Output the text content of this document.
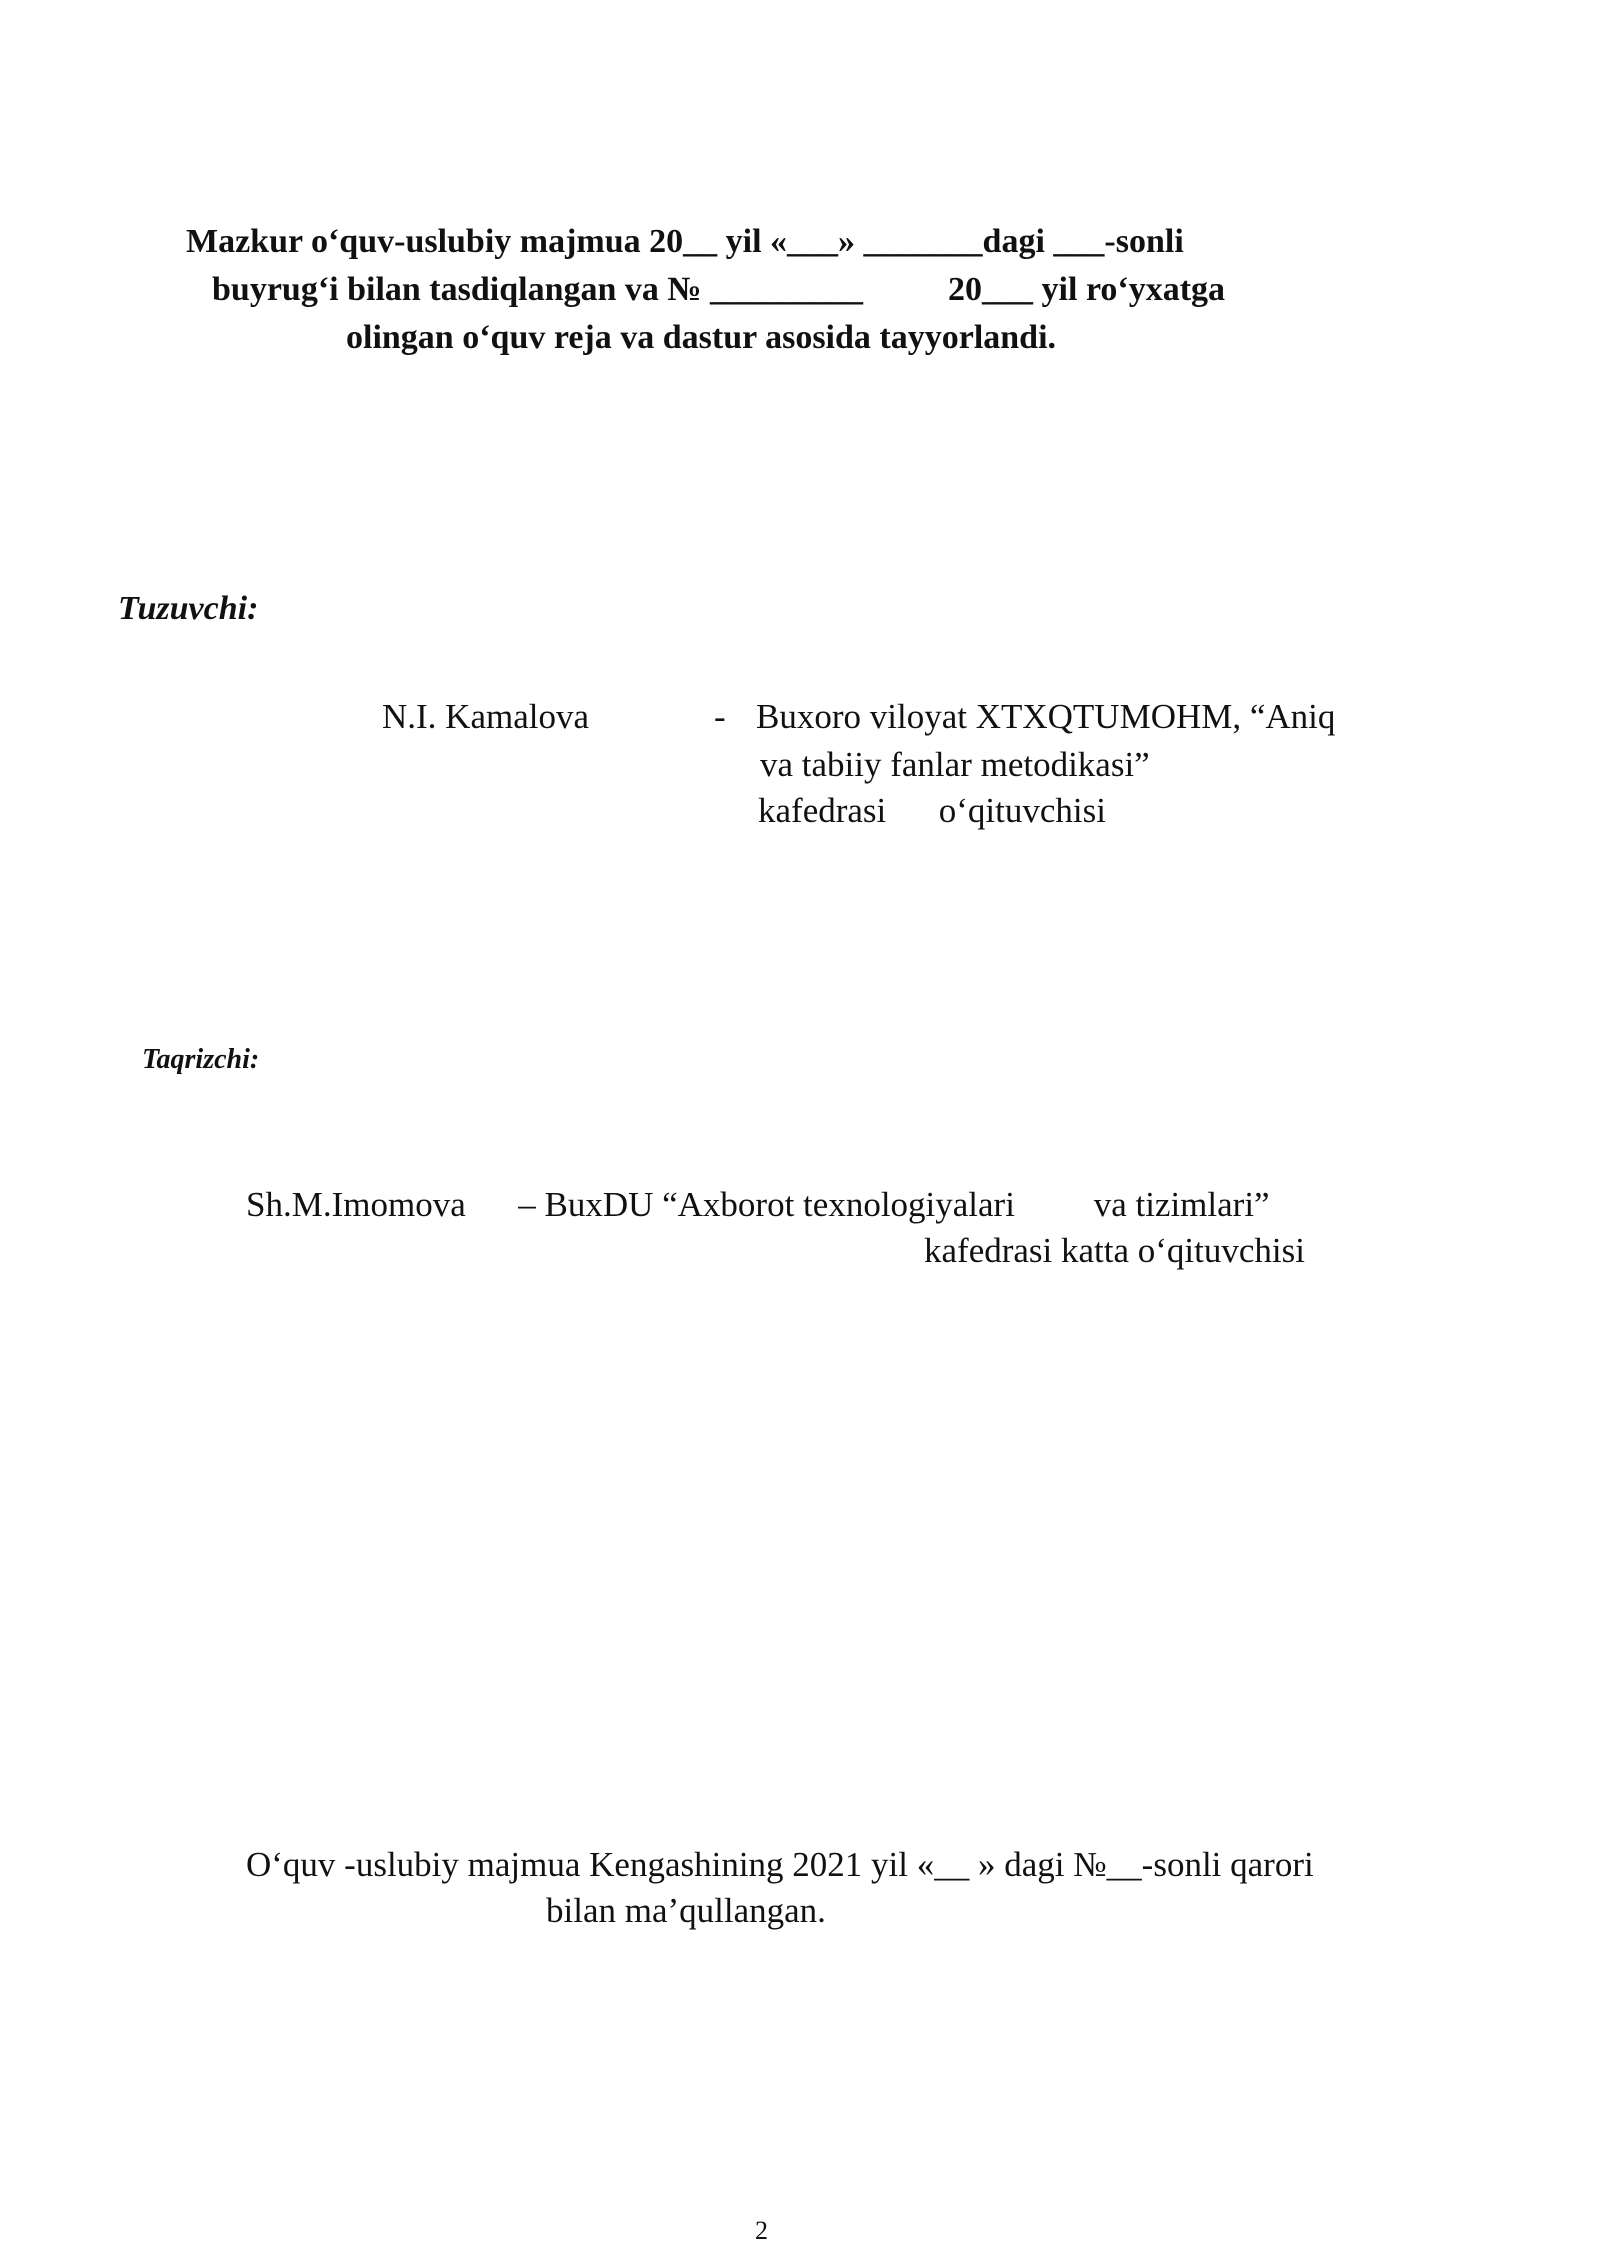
Mazkur o‘quv-uslubiy majmua 20__ yil «___» _______dagi ___-sonli
buyrug‘i bilan tasdiqlangan va № _________          20___ yil ro‘yxatga
olingan o‘quv reja va dastur asosida tayyorlandi.
Tuzuvchi:
N.I. Kamalova	- Buxoro viloyat XTXQTUMOHM, “Aniq
va tabiiy fanlar metodikasi”
kafedrasi      o‘qituvchisi
Taqrizchi:
Sh.M.Imomova      – BuxDU “Axborot texnologiyalari         va tizimlari”
kafedrasi katta o‘qituvchisi
O‘quv -uslubiy majmua Kengashining 2021 yil «__ » dagi №__-sonli qarori
bilan ma’qullangan.
2
